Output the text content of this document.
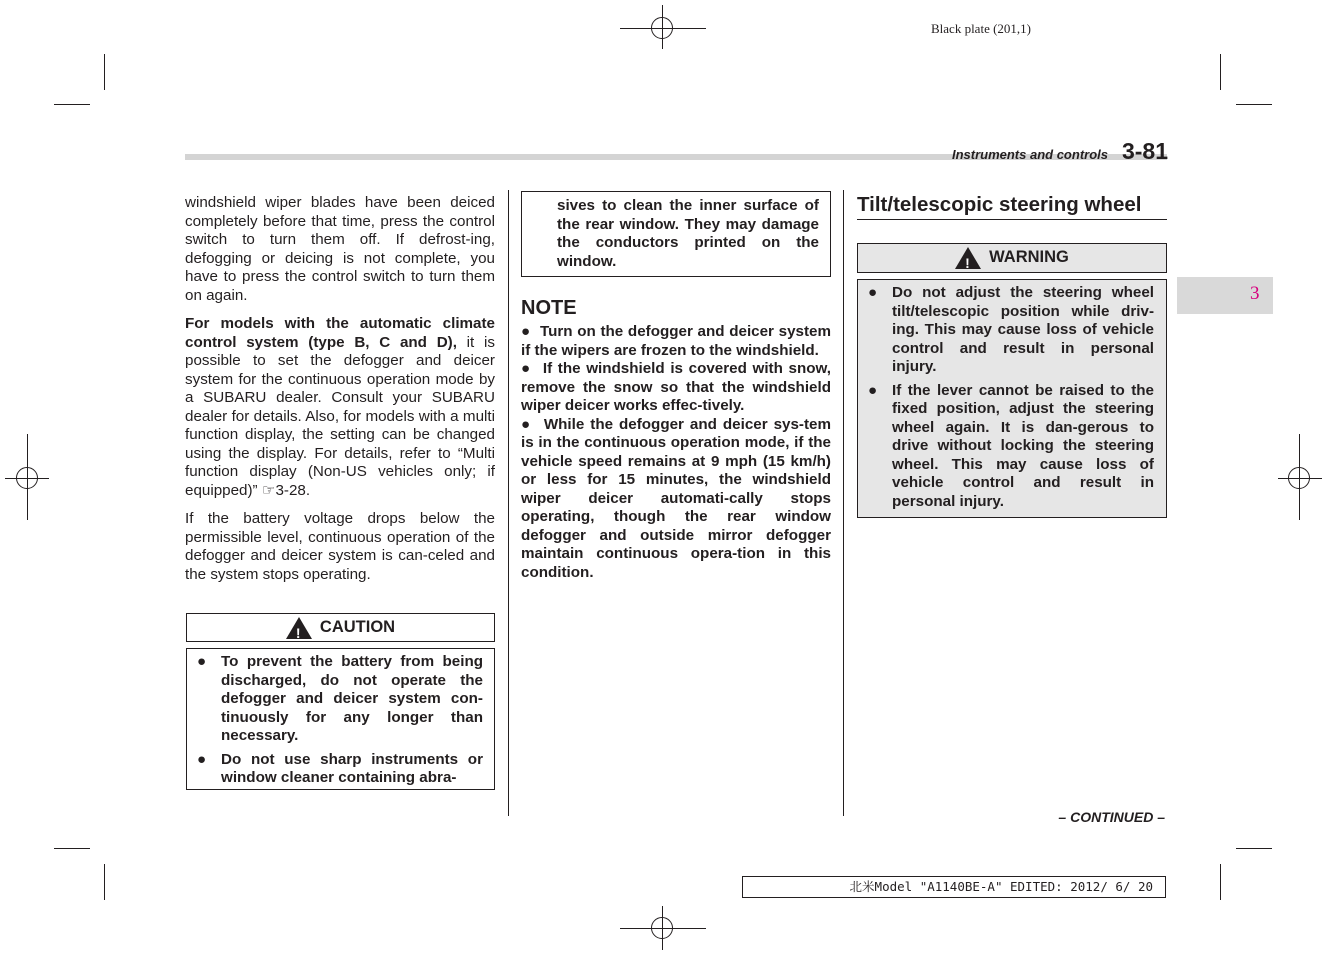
Black plate (201,1)
Instruments and controls 3-81
3

windshield wiper blades have been deiced completely before that time, press the control switch to turn them off. If defrost-ing, defogging or deicing is not complete, you have to press the control switch to turn them on again.

For models with the automatic climate control system (type B, C and D), it is possible to set the defogger and deicer system for the continuous operation mode by a SUBARU dealer. Consult your SUBARU dealer for details. Also, for models with a multi function display, the setting can be changed using the display. For details, refer to “Multi function display (Non-US vehicles only; if equipped)” ☞3-28.

If the battery voltage drops below the permissible level, continuous operation of the defogger and deicer system is can-celed and the system stops operating.

!CAUTION
● To prevent the battery from being discharged, do not operate the defogger and deicer system con-tinuously for any longer than necessary.
● Do not use sharp instruments or window cleaner containing abra-
sives to clean the inner surface of the rear window. They may damage the conductors printed on the window.
NOTE
● Turn on the defogger and deicer system if the wipers are frozen to the windshield.
● If the windshield is covered with snow, remove the snow so that the windshield wiper deicer works effec-tively.
● While the defogger and deicer sys-tem is in the continuous operation mode, if the vehicle speed remains at 9 mph (15 km/h) or less for 15 minutes, the windshield wiper deicer automati-cally stops operating, though the rear window defogger and outside mirror defogger maintain continuous opera-tion in this condition.
Tilt/telescopic steering wheel
!WARNING
● Do not adjust the steering wheel tilt/telescopic position while driv-ing. This may cause loss of vehicle control and result in personal injury.
● If the lever cannot be raised to the fixed position, adjust the steering wheel again. It is dan-gerous to drive without locking the steering wheel. This may cause loss of vehicle control and result in personal injury.
– CONTINUED –
北米Model "A1140BE-A" EDITED: 2012/ 6/ 20
